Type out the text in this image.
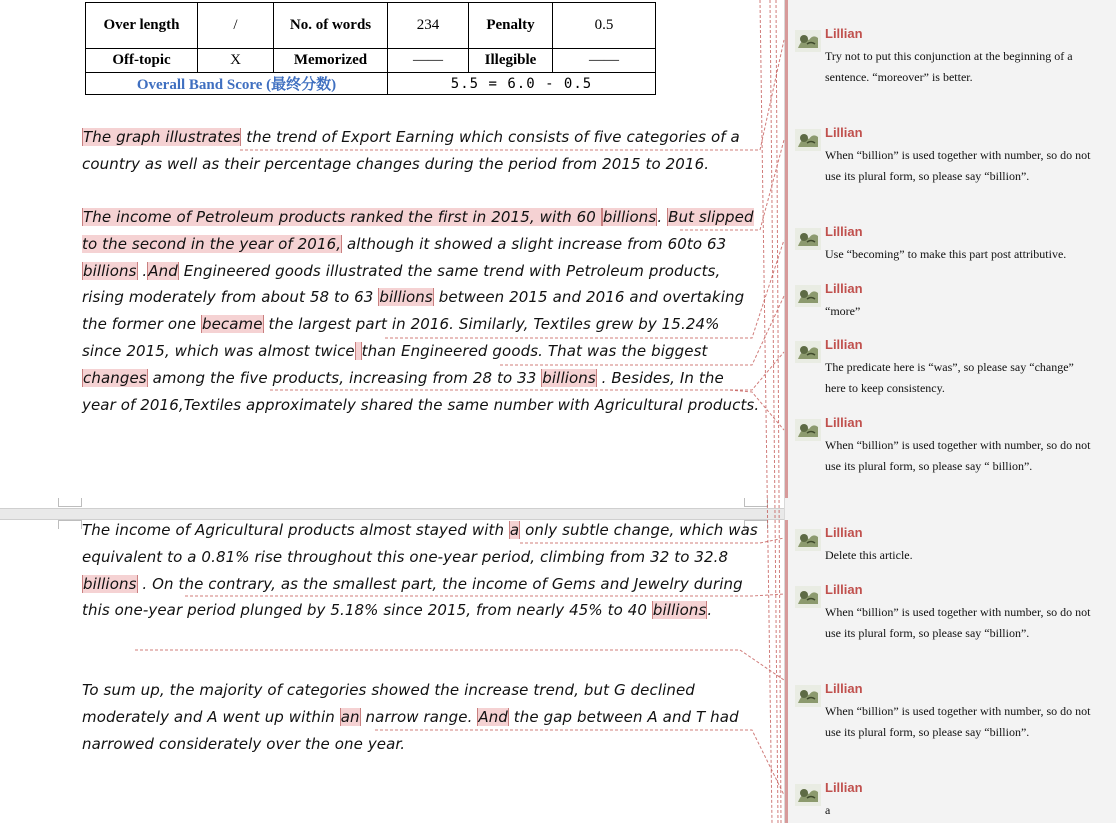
Over length	/	No. of words	234	Penalty	0.5
Off-topic	X	Memorized	——	Illegible	——
Overall Band Score (最终分数)			5.5 = 6.0 - 0.5		

The graph illustrates the trend of Export Earning which consists of five categories of a country as well as their percentage changes during the period from 2015 to 2016.

The income of Petroleum products ranked the first in 2015, with 60 billions. But slipped to the second in the year of 2016, although it showed a slight increase from 60to 63 billions .And Engineered goods illustrated the same trend with Petroleum products, rising moderately from about 58 to 63 billions between 2015 and 2016 and overtaking the former one became the largest part in 2016. Similarly, Textiles grew by 15.24% since 2015, which was almost twice than Engineered goods. That was the biggest changes among the five products, increasing from 28 to 33 billions . Besides, In the year of 2016,Textiles approximately shared the same number with Agricultural products.

The income of Agricultural products almost stayed with a only subtle change, which was equivalent to a 0.81% rise throughout this one-year period, climbing from 32 to 32.8 billions . On the contrary, as the smallest part, the income of Gems and Jewelry during this one-year period plunged by 5.18% since 2015, from nearly 45% to 40 billions.

To sum up, the majority of categories showed the increase trend, but G declined moderately and A went up within an narrow range. And the gap between A and T had narrowed considerately over the one year.

Lillian
Try not to put this conjunction at the beginning of a sentence. “moreover” is better.
Lillian
When “billion” is used together with number, so do not use its plural form, so please say “billion”.
Lillian
Use “becoming” to make this part post attributive.
Lillian
“more”
Lillian
The predicate here is “was”, so please say “change” here to keep consistency.
Lillian
When “billion” is used together with number, so do not use its plural form, so please say “ billion”.
Lillian
Delete this article.
Lillian
When “billion” is used together with number, so do not use its plural form, so please say “billion”.
Lillian
When “billion” is used together with number, so do not use its plural form, so please say “billion”.
Lillian
a
